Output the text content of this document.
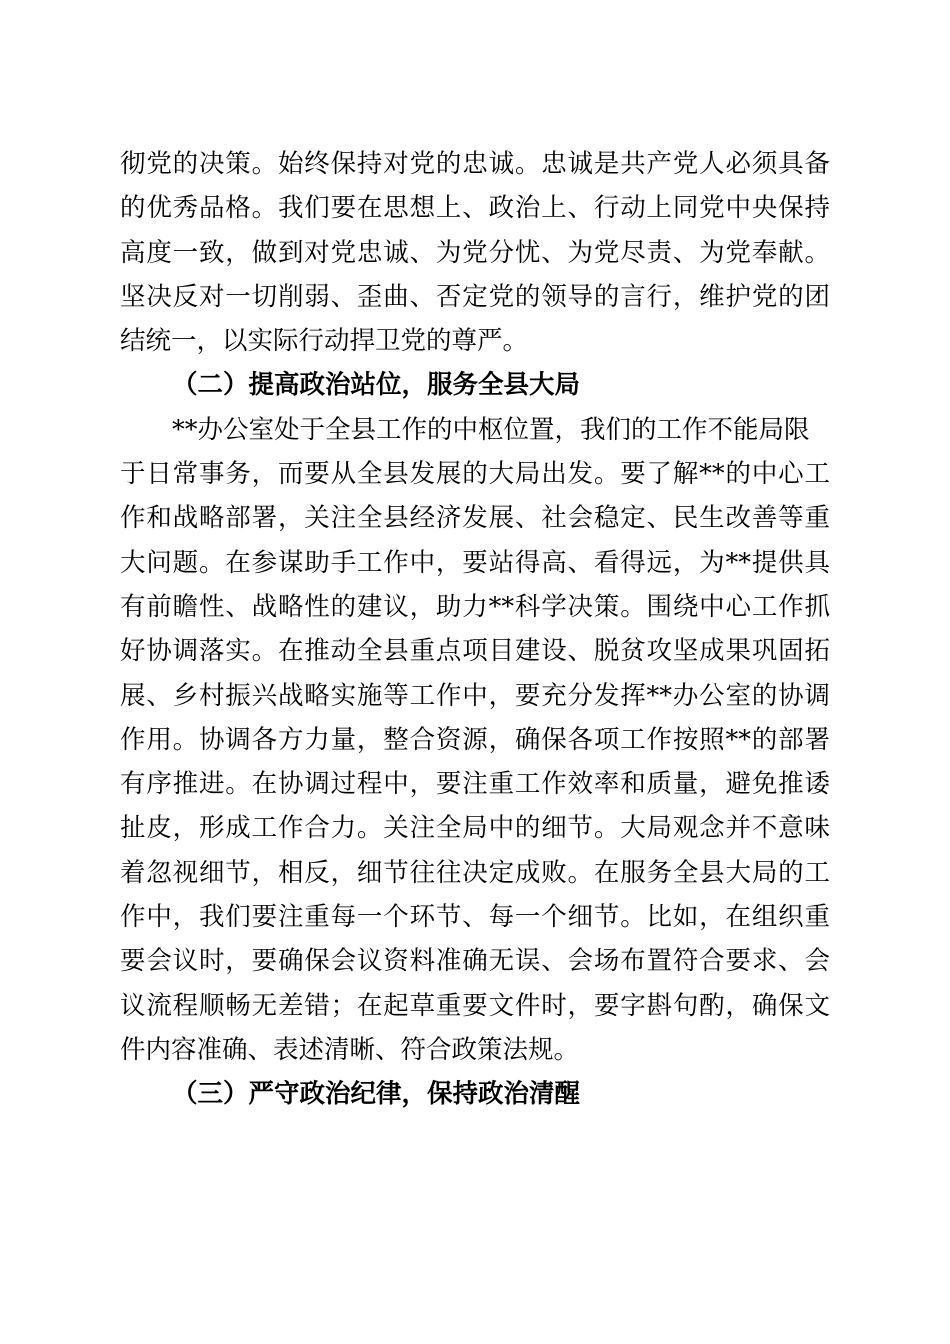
彻党的决策。始终保持对党的忠诚。忠诚是共产党人必须具备
的优秀品格。我们要在思想上、政治上、行动上同党中央保持
高度一致，做到对党忠诚、为党分忧、为党尽责、为党奉献。
坚决反对一切削弱、歪曲、否定党的领导的言行，维护党的团
结统一，以实际行动捍卫党的尊严。
（二）提高政治站位，服务全县大局
**办公室处于全县工作的中枢位置，我们的工作不能局限
于日常事务，而要从全县发展的大局出发。要了解**的中心工
作和战略部署，关注全县经济发展、社会稳定、民生改善等重
大问题。在参谋助手工作中，要站得高、看得远，为**提供具
有前瞻性、战略性的建议，助力**科学决策。围绕中心工作抓
好协调落实。在推动全县重点项目建设、脱贫攻坚成果巩固拓
展、乡村振兴战略实施等工作中，要充分发挥**办公室的协调
作用。协调各方力量，整合资源，确保各项工作按照**的部署
有序推进。在协调过程中，要注重工作效率和质量，避免推诿
扯皮，形成工作合力。关注全局中的细节。大局观念并不意味
着忽视细节，相反，细节往往决定成败。在服务全县大局的工
作中，我们要注重每一个环节、每一个细节。比如，在组织重
要会议时，要确保会议资料准确无误、会场布置符合要求、会
议流程顺畅无差错；在起草重要文件时，要字斟句酌，确保文
件内容准确、表述清晰、符合政策法规。
（三）严守政治纪律，保持政治清醒
